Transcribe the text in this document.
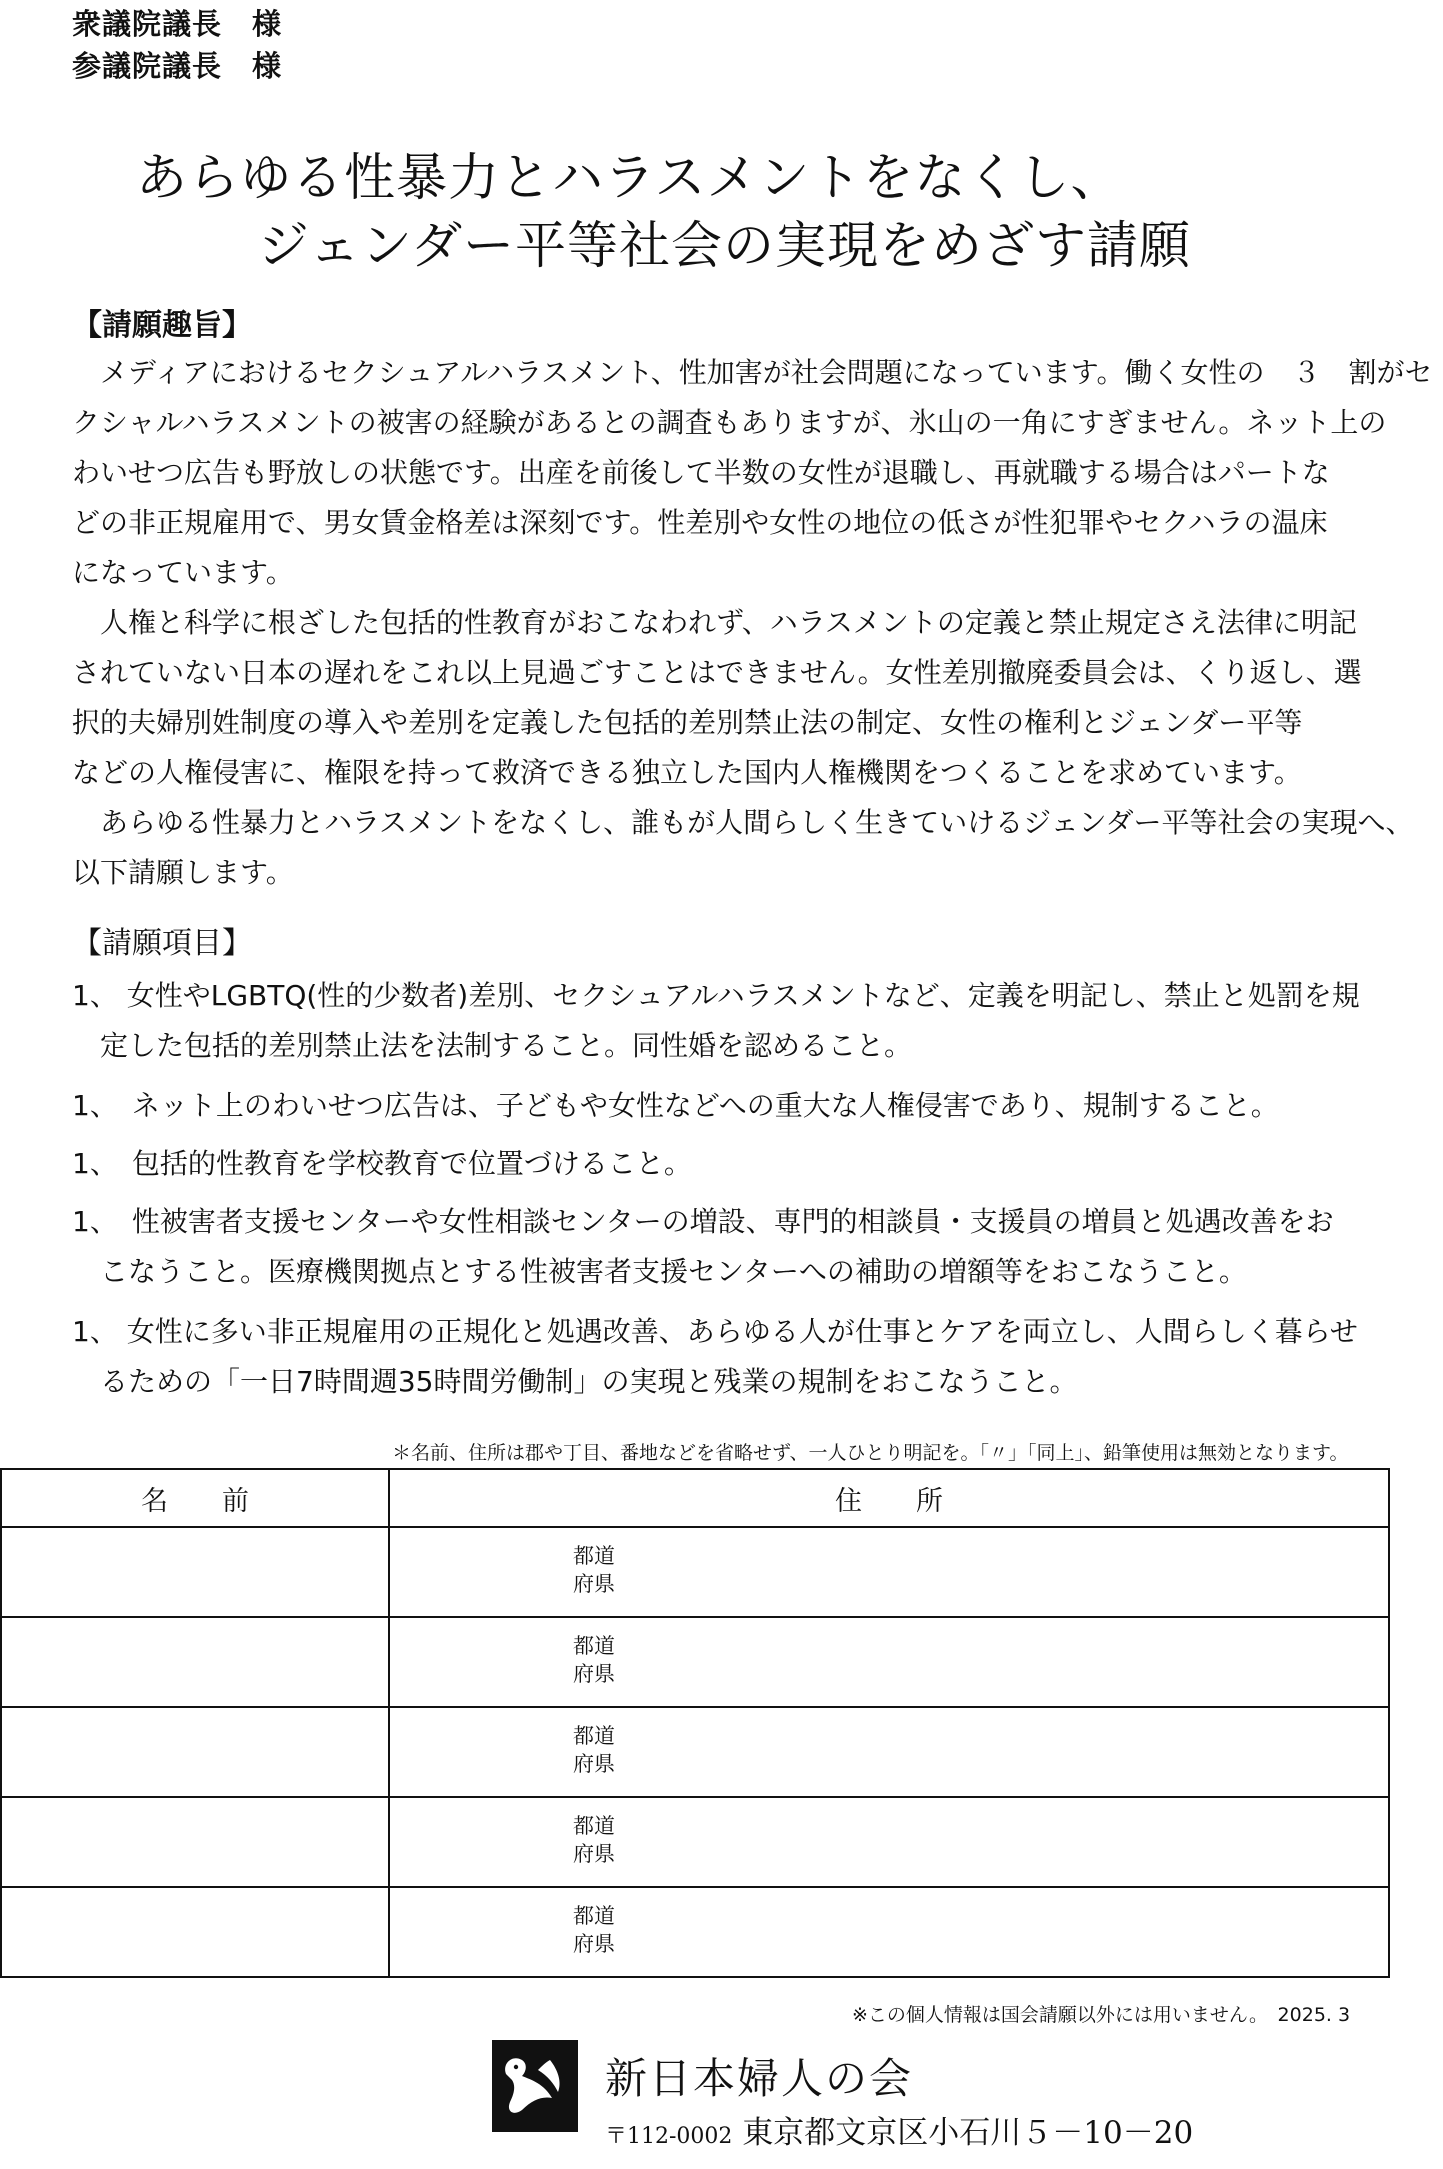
衆議院議長　様
参議院議長　様
あらゆる性暴力とハラスメントをなくし、
ジェンダー平等社会の実現をめざす請願
【請願趣旨】
　メディアにおけるセクシュアルハラスメント、性加害が社会問題になっています。働く女性の　３　割がセ
クシャルハラスメントの被害の経験があるとの調査もありますが、氷山の一角にすぎません。ネット上の
わいせつ広告も野放しの状態です。出産を前後して半数の女性が退職し、再就職する場合はパートな
どの非正規雇用で、男女賃金格差は深刻です。性差別や女性の地位の低さが性犯罪やセクハラの温床
になっています。
　人権と科学に根ざした包括的性教育がおこなわれず、ハラスメントの定義と禁止規定さえ法律に明記
されていない日本の遅れをこれ以上見過ごすことはできません。女性差別撤廃委員会は、くり返し、選
択的夫婦別姓制度の導入や差別を定義した包括的差別禁止法の制定、女性の権利とジェンダー平等
などの人権侵害に、権限を持って救済できる独立した国内人権機関をつくることを求めています。
　あらゆる性暴力とハラスメントをなくし、誰もが人間らしく生きていけるジェンダー平等社会の実現へ、
以下請願します。
【請願項目】
1、 女性やLGBTQ(性的少数者)差別、セクシュアルハラスメントなど、定義を明記し、禁止と処罰を規
　定した包括的差別禁止法を法制すること。同性婚を認めること。
1、　ネット上のわいせつ広告は、子どもや女性などへの重大な人権侵害であり、規制すること。
1、　包括的性教育を学校教育で位置づけること。
1、　性被害者支援センターや女性相談センターの増設、専門的相談員・支援員の増員と処遇改善をお
　こなうこと。医療機関拠点とする性被害者支援センターへの補助の増額等をおこなうこと。
1、 女性に多い非正規雇用の正規化と処遇改善、あらゆる人が仕事とケアを両立し、人間らしく暮らせ
　るための「一日7時間週35時間労働制」の実現と残業の規制をおこなうこと。
＊名前、住所は郡や丁目、番地などを省略せず、一人ひとり明記を。「〃」「同上」、鉛筆使用は無効となります。
名　　前	住　　所

	都道
府県

	都道
府県

	都道
府県

	都道
府県

	都道
府県
※この個人情報は国会請願以外には用いません。　2025. 3
新日本婦人の会
〒112-0002 東京都文京区小石川５－10－20
